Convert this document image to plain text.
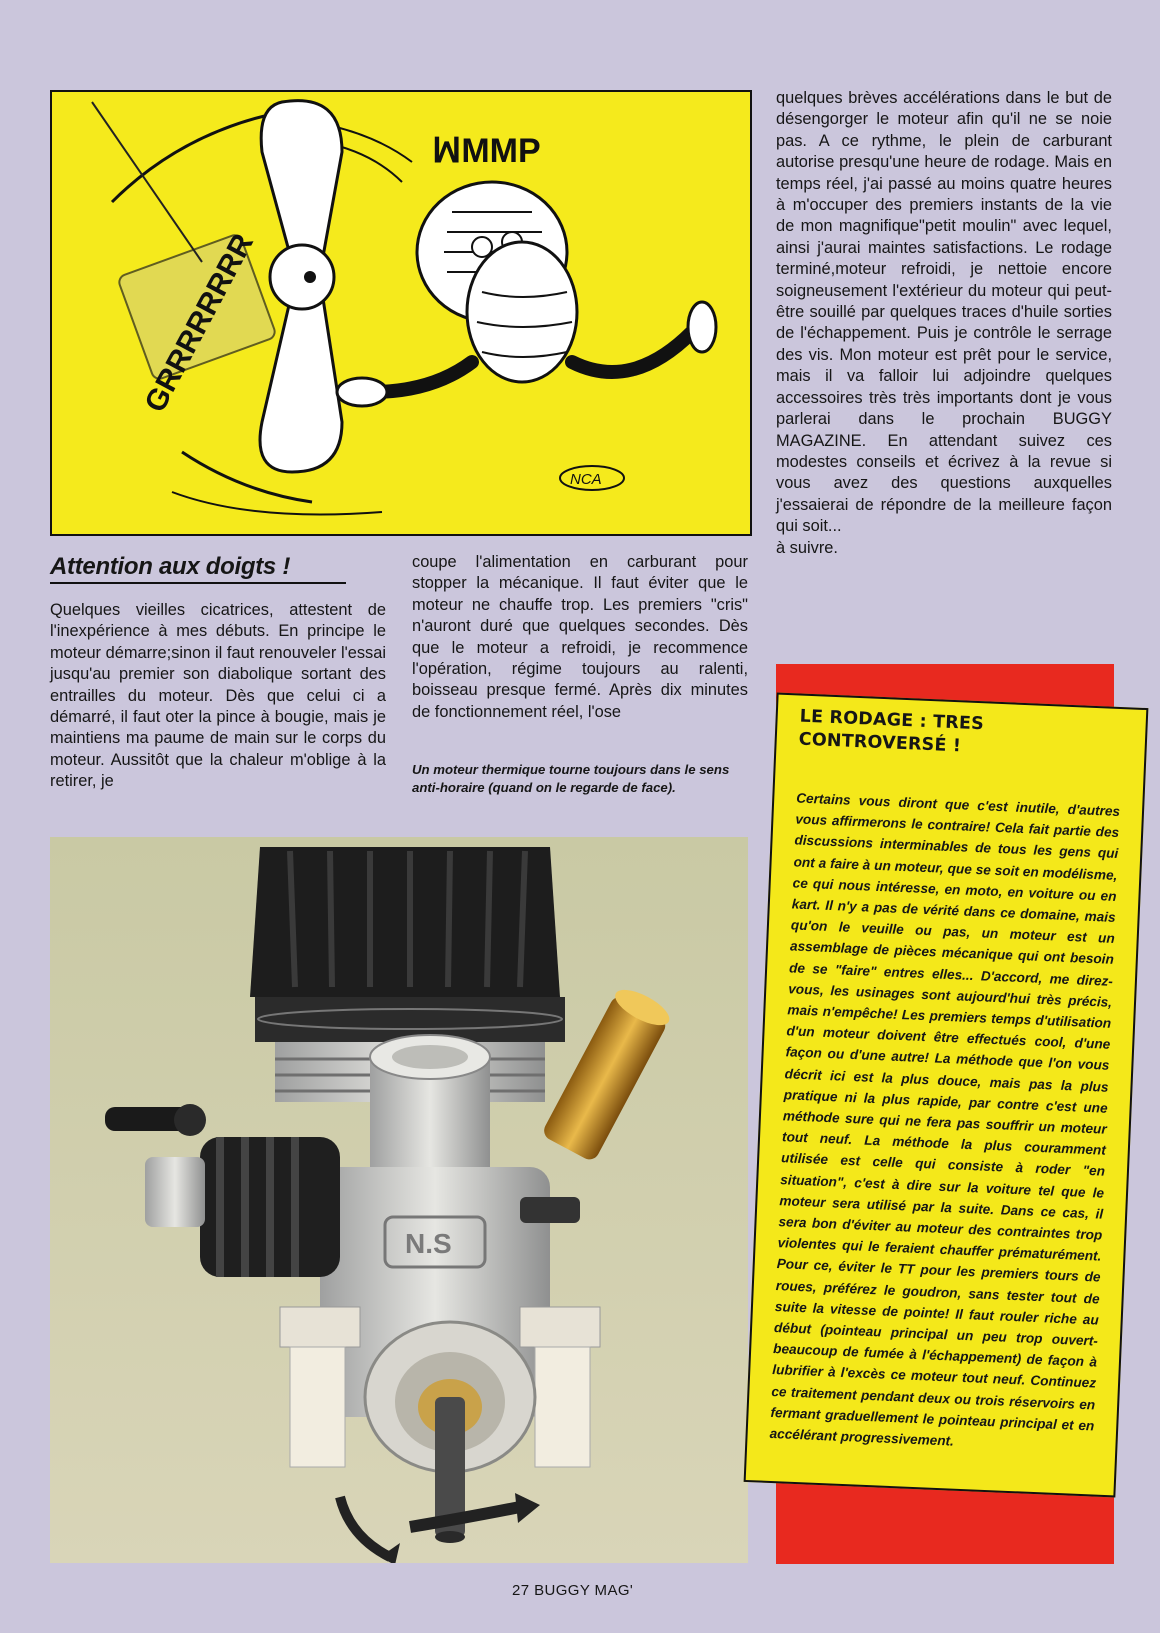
GRRRRRRRR
ꟽMMP
NCA

quelques brèves accélérations dans le but de désengorger le moteur afin qu'il ne se noie pas. A ce rythme, le plein de carburant autorise presqu'une heure de rodage. Mais en temps réel, j'ai passé au moins quatre heures à m'occuper des premiers instants de la vie de mon magnifique"petit moulin" avec lequel, ainsi j'aurai maintes satisfactions. Le rodage terminé,moteur refroidi, je nettoie encore soigneusement l'extérieur du moteur qui peut-être souillé par quelques traces d'huile sorties de l'échappement. Puis je contrôle le serrage des vis. Mon moteur est prêt pour le service, mais il va falloir lui adjoindre quelques accessoires très très importants dont je vous parlerai dans le prochain BUGGY MAGAZINE. En attendant suivez ces modestes conseils et écrivez à la revue si vous avez des questions auxquelles j'essaierai de répondre de la meilleure façon qui soit...

à suivre.

Attention aux doigts !

Quelques vieilles cicatrices, attestent de l'inexpérience à mes débuts. En principe le moteur démarre;sinon il faut renouveler l'essai jusqu'au premier son diabolique sortant des entrailles du moteur. Dès que celui ci a démarré, il faut oter la pince à bougie, mais je maintiens ma paume de main sur le corps du moteur. Aussitôt que la chaleur m'oblige à la retirer, je

coupe l'alimentation en carburant pour stopper la mécanique. Il faut éviter que le moteur ne chauffe trop. Les premiers "cris" n'auront duré que quelques secondes. Dès que le moteur a refroidi, je recommence l'opération, régime toujours au ralenti, boisseau presque fermé. Après dix minutes de fonctionnement réel, l'ose

Un moteur thermique tourne toujours dans le sens anti-horaire (quand on le regarde de face).

N.S

LE RODAGE : TRES CONTROVERSÉ !

Certains vous diront que c'est inutile, d'autres vous affirmerons le contraire! Cela fait partie des discussions interminables de tous les gens qui ont a faire à un moteur, que se soit en modélisme, ce qui nous intéresse, en moto, en voiture ou en kart. Il n'y a pas de vérité dans ce domaine, mais qu'on le veuille ou pas, un moteur est un assemblage de pièces mécanique qui ont besoin de se "faire" entres elles... D'accord, me direz-vous, les usinages sont aujourd'hui très précis, mais n'empêche! Les premiers temps d'utilisation d'un moteur doivent être effectués cool, d'une façon ou d'une autre! La méthode que l'on vous décrit ici est la plus douce, mais pas la plus pratique ni la plus rapide, par contre c'est une méthode sure qui ne fera pas souffrir un moteur tout neuf. La méthode la plus couramment utilisée est celle qui consiste à roder "en situation", c'est à dire sur la voiture tel que le moteur sera utilisé par la suite. Dans ce cas, il sera bon d'éviter au moteur des contraintes trop violentes qui le feraient chauffer prématurément. Pour ce, éviter le TT pour les premiers tours de roues, préférez le goudron, sans tester tout de suite la vitesse de pointe! Il faut rouler riche au début (pointeau principal un peu trop ouvert-beaucoup de fumée à l'échappement) de façon à lubrifier à l'excès ce moteur tout neuf. Continuez ce traitement pendant deux ou trois réservoirs en fermant graduellement le pointeau principal et en accélérant progressivement.

27 BUGGY MAG'
